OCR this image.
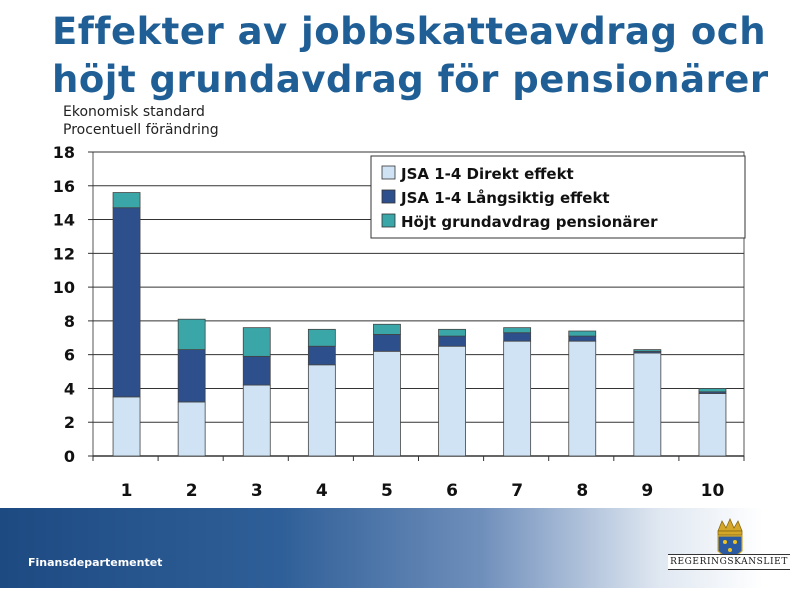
Effekter av jobbskatteavdrag och
höjt grundavdrag för pensionärer
Ekonomisk standard
Procentuell förändring
0
2
4
6
8
10
12
14
16
18
1	2	3	4	5	6	7	8	9	10
JSA 1-4 Direkt effekt
JSA 1-4 Långsiktig effekt
Höjt grundavdrag pensionärer
Finansdepartementet	REGERINGSKANSLIET
